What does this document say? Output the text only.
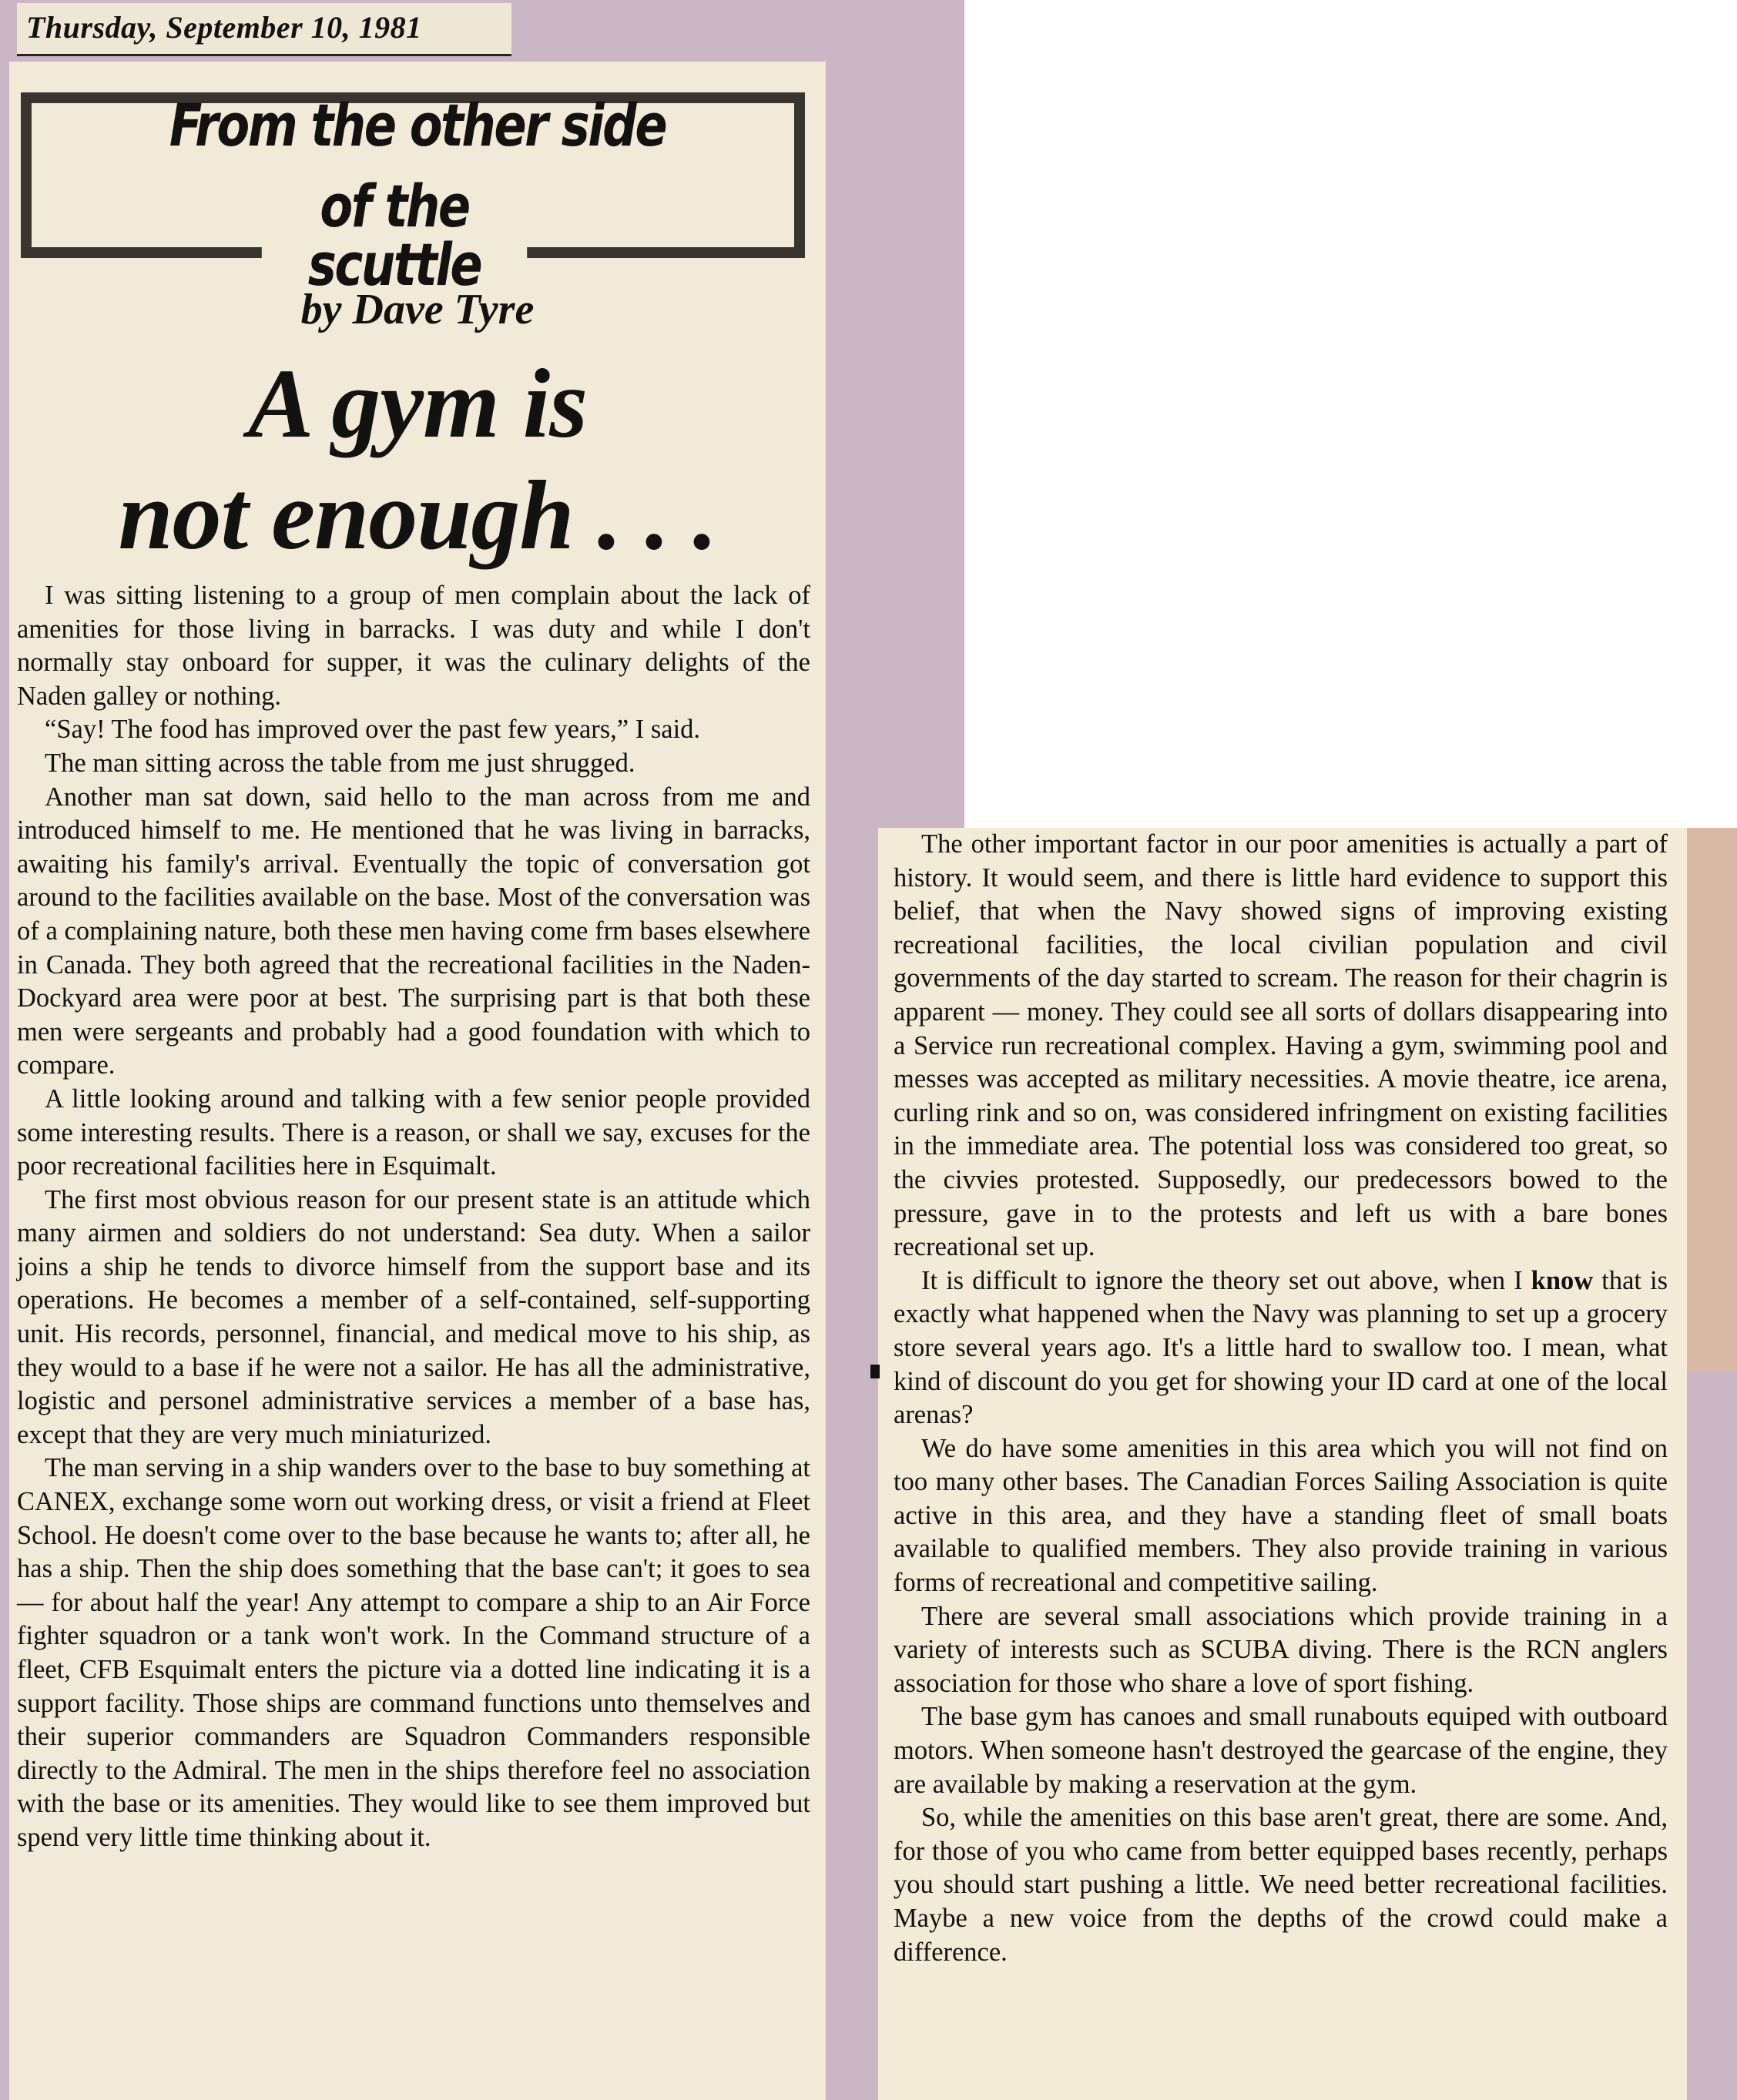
Thursday, September 10, 1981
From the other side
of the scuttle
by Dave Tyre
A gym is
not enough . . .

I was sitting listening to a group of men complain about the lack of amenities for those living in barracks. I was duty and while I don't normally stay onboard for supper, it was the culinary delights of the Naden galley or nothing.

“Say! The food has improved over the past few years,” I said.

The man sitting across the table from me just shrugged.

Another man sat down, said hello to the man across from me and introduced himself to me. He mentioned that he was living in barracks, awaiting his family's arrival. Eventually the topic of conversation got around to the facilities available on the base. Most of the conversation was of a complaining nature, both these men having come frm bases elsewhere in Canada. They both agreed that the recreational facilities in the Naden-Dockyard area were poor at best. The surprising part is that both these men were sergeants and probably had a good foundation with which to compare.

A little looking around and talking with a few senior people provided some interesting results. There is a reason, or shall we say, excuses for the poor recreational facilities here in Esquimalt.

The first most obvious reason for our present state is an attitude which many airmen and soldiers do not understand: Sea duty. When a sailor joins a ship he tends to divorce himself from the support base and its operations. He becomes a member of a self-contained, self-supporting unit. His records, personnel, financial, and medical move to his ship, as they would to a base if he were not a sailor. He has all the administrative, logistic and personel administrative services a member of a base has, except that they are very much miniaturized.

The man serving in a ship wanders over to the base to buy something at CANEX, exchange some worn out working dress, or visit a friend at Fleet School. He doesn't come over to the base because he wants to; after all, he has a ship. Then the ship does something that the base can't; it goes to sea — for about half the year! Any attempt to compare a ship to an Air Force fighter squadron or a tank won't work. In the Command structure of a fleet, CFB Esquimalt enters the picture via a dotted line indicating it is a support facility. Those ships are command functions unto themselves and their superior commanders are Squadron Commanders responsible directly to the Admiral. The men in the ships therefore feel no association with the base or its amenities. They would like to see them improved but spend very little time thinking about it.

The other important factor in our poor amenities is actually a part of history. It would seem, and there is little hard evidence to support this belief, that when the Navy showed signs of improving existing recreational facilities, the local civilian population and civil governments of the day started to scream. The reason for their chagrin is apparent — money. They could see all sorts of dollars disappearing into a Service run recreational complex. Having a gym, swimming pool and messes was accepted as military necessities. A movie theatre, ice arena, curling rink and so on, was considered infringment on existing facilities in the immediate area. The potential loss was considered too great, so the civvies protested. Supposedly, our predecessors bowed to the pressure, gave in to the protests and left us with a bare bones recreational set up.

It is difficult to ignore the theory set out above, when I know that is exactly what happened when the Navy was planning to set up a grocery store several years ago. It's a little hard to swallow too. I mean, what kind of discount do you get for showing your ID card at one of the local arenas?

We do have some amenities in this area which you will not find on too many other bases. The Canadian Forces Sailing Association is quite active in this area, and they have a standing fleet of small boats available to qualified members. They also provide training in various forms of recreational and competitive sailing.

There are several small associations which provide training in a variety of interests such as SCUBA diving. There is the RCN anglers association for those who share a love of sport fishing.

The base gym has canoes and small runabouts equiped with outboard motors. When someone hasn't destroyed the gearcase of the engine, they are available by making a reservation at the gym.

So, while the amenities on this base aren't great, there are some. And, for those of you who came from better equipped bases recently, perhaps you should start pushing a little. We need better recreational facilities. Maybe a new voice from the depths of the crowd could make a difference.
